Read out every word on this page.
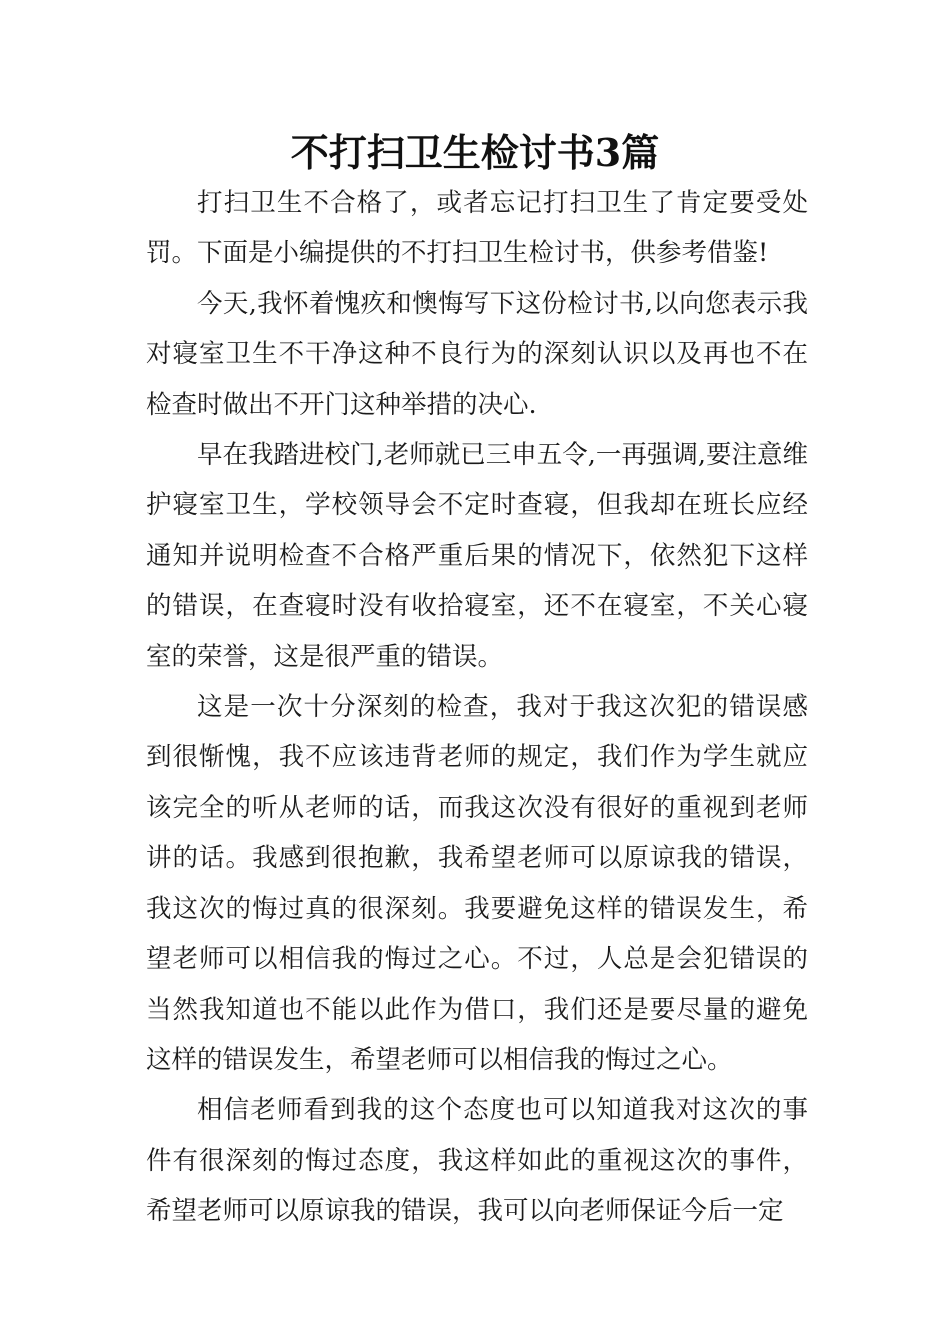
不打扫卫生检讨书3篇

打扫卫生不合格了，或者忘记打扫卫生了肯定要受处罚。下面是小编提供的不打扫卫生检讨书，供参考借鉴!

今天,我怀着愧疚和懊悔写下这份检讨书,以向您表示我对寝室卫生不干净这种不良行为的深刻认识以及再也不在检查时做出不开门这种举措的决心.

早在我踏进校门,老师就已三申五令,一再强调,要注意维护寝室卫生，学校领导会不定时查寝，但我却在班长应经通知并说明检查不合格严重后果的情况下，依然犯下这样的错误，在查寝时没有收拾寝室，还不在寝室，不关心寝室的荣誉，这是很严重的错误。

这是一次十分深刻的检查，我对于我这次犯的错误感到很惭愧，我不应该违背老师的规定，我们作为学生就应该完全的听从老师的话，而我这次没有很好的重视到老师讲的话。我感到很抱歉，我希望老师可以原谅我的错误，我这次的悔过真的很深刻。我要避免这样的错误发生，希望老师可以相信我的悔过之心。不过，人总是会犯错误的当然我知道也不能以此作为借口，我们还是要尽量的避免这样的错误发生，希望老师可以相信我的悔过之心。

相信老师看到我的这个态度也可以知道我对这次的事件有很深刻的悔过态度，我这样如此的重视这次的事件，希望老师可以原谅我的错误，我可以向老师保证今后一定
